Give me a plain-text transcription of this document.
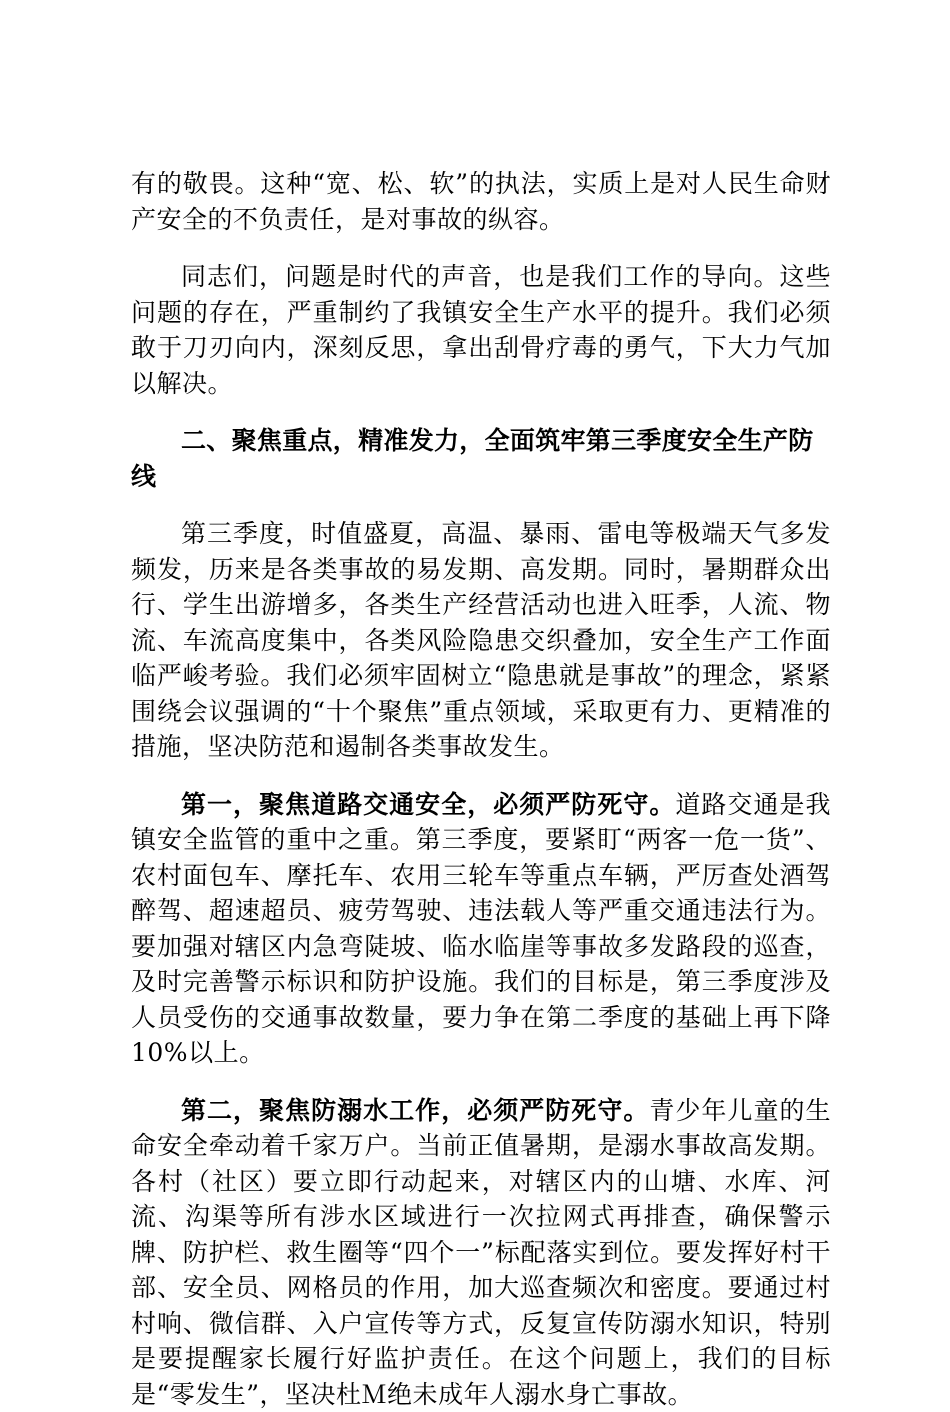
有的敬畏。这种“宽、松、软”的执法，实质上是对人民生命财产安全的不负责任，是对事故的纵容。

同志们，问题是时代的声音，也是我们工作的导向。这些问题的存在，严重制约了我镇安全生产水平的提升。我们必须敢于刀刃向内，深刻反思，拿出刮骨疗毒的勇气，下大力气加以解决。

二、聚焦重点，精准发力，全面筑牢第三季度安全生产防线

第三季度，时值盛夏，高温、暴雨、雷电等极端天气多发频发，历来是各类事故的易发期、高发期。同时，暑期群众出行、学生出游增多，各类生产经营活动也进入旺季，人流、物流、车流高度集中，各类风险隐患交织叠加，安全生产工作面临严峻考验。我们必须牢固树立“隐患就是事故”的理念，紧紧围绕会议强调的“十个聚焦”重点领域，采取更有力、更精准的措施，坚决防范和遏制各类事故发生。

第一，聚焦道路交通安全，必须严防死守。道路交通是我镇安全监管的重中之重。第三季度，要紧盯“两客一危一货”、农村面包车、摩托车、农用三轮车等重点车辆，严厉查处酒驾醉驾、超速超员、疲劳驾驶、违法载人等严重交通违法行为。要加强对辖区内急弯陡坡、临水临崖等事故多发路段的巡查，及时完善警示标识和防护设施。我们的目标是，第三季度涉及人员受伤的交通事故数量，要力争在第二季度的基础上再下降10%以上。

第二，聚焦防溺水工作，必须严防死守。青少年儿童的生命安全牵动着千家万户。当前正值暑期，是溺水事故高发期。各村（社区）要立即行动起来，对辖区内的山塘、水库、河流、沟渠等所有涉水区域进行一次拉网式再排查，确保警示牌、防护栏、救生圈等“四个一”标配落实到位。要发挥好村干部、安全员、网格员的作用，加大巡查频次和密度。要通过村村响、微信群、入户宣传等方式，反复宣传防溺水知识，特别是要提醒家长履行好监护责任。在这个问题上，我们的目标是“零发生”，坚决杜Ｍ绝未成年人溺水身亡事故。
